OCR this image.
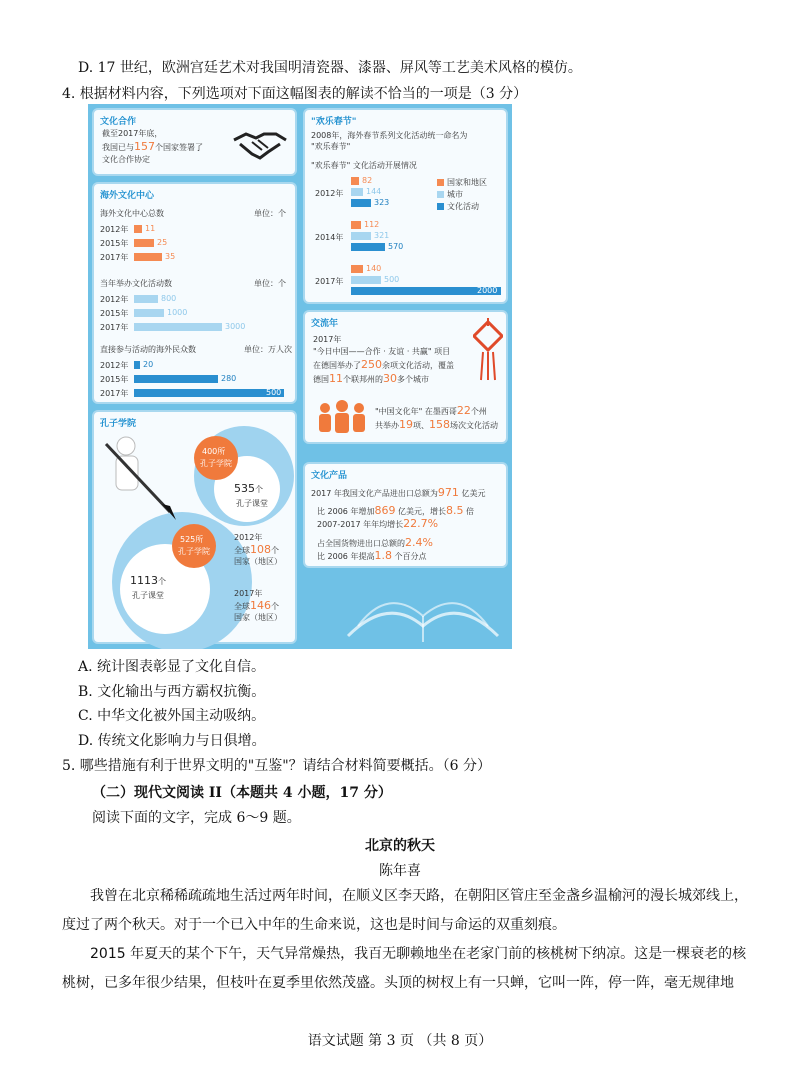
D. 17 世纪，欧洲宫廷艺术对我国明清瓷器、漆器、屏风等工艺美术风格的模仿。
4. 根据材料内容，下列选项对下面这幅图表的解读不恰当的一项是（3 分）
文化合作
截至2017年底，
我国已与157个国家签署了
文化合作协定
海外文化中心
海外文化中心总数	单位：个
2012年 11
2015年	25
2017年	35
当年举办文化活动数	单位：个
2012年	800
2015年	1000
2017年	3000
直接参与活动的海外民众数	单位：万人次
2012年 20
2015年	280
2017年	500
孔子学院
400所
孔子学院
535个
孔子课堂
525所
孔子学院
1113个
孔子课堂
2012年
全球108个
国家（地区）
2017年
全球146个
国家（地区）
"欢乐春节"
2008年，海外春节系列文化活动统一命名为
"欢乐春节"
"欢乐春节" 文化活动开展情况
国家和地区
城市
文化活动
2012年
82
144
323
2014年
112
321
570
2017年
140
500
2000
交流年
2017年
"今日中国——合作 · 友谊 · 共赢" 项目
在德国举办了250余项文化活动，覆盖
德国11个联邦州的30多个城市
"中国文化年" 在墨西哥22个州
共举办19项、158场次文化活动
文化产品
2017 年我国文化产品进出口总额为971 亿美元
比 2006 年增加869 亿美元，增长8.5 倍
2007-2017 年年均增长22.7%
占全国货物进出口总额的2.4%
比 2006 年提高1.8 个百分点
A. 统计图表彰显了文化自信。
B. 文化输出与西方霸权抗衡。
C. 中华文化被外国主动吸纳。
D. 传统文化影响力与日俱增。
5. 哪些措施有利于世界文明的"互鉴"？请结合材料简要概括。（6 分）
（二）现代文阅读 II（本题共 4 小题，17 分）
阅读下面的文字，完成 6～9 题。
北京的秋天
陈年喜
我曾在北京稀稀疏疏地生活过两年时间，在顺义区李天路，在朝阳区管庄至金盏乡温榆河的漫长城郊线上，度过了两个秋天。对于一个已入中年的生命来说，这也是时间与命运的双重刻痕。
2015 年夏天的某个下午，天气异常燥热，我百无聊赖地坐在老家门前的核桃树下纳凉。这是一棵衰老的核桃树，已多年很少结果，但枝叶在夏季里依然茂盛。头顶的树杈上有一只蝉，它叫一阵，停一阵，毫无规律地
语文试题 第 3 页 （共 8 页）
